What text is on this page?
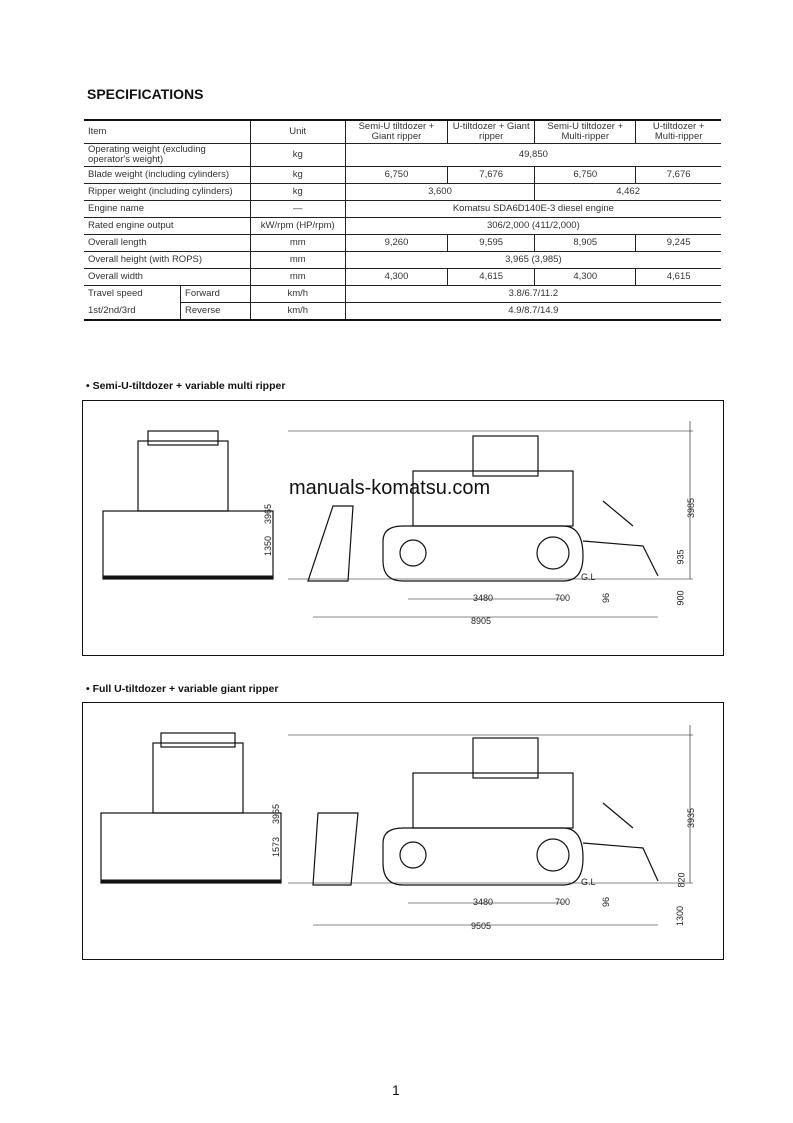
SPECIFICATIONS
Item		Unit	Semi-U tiltdozer + Giant ripper	U-tiltdozer + Giant ripper	Semi-U tiltdozer + Multi-ripper	U-tiltdozer + Multi-ripper
Operating weight (excluding operator's weight)		kg	49,850			
Blade weight (including cylinders)		kg	6,750	7,676	6,750	7,676
Ripper weight (including cylinders)		kg	3,600		4,462	
Engine name		—	Komatsu SDA6D140E-3 diesel engine			
Rated engine output		kW/rpm (HP/rpm)	306/2,000 (411/2,000)			
Overall length		mm	9,260	9,595	8,905	9,245
Overall height (with ROPS)		mm	3,965 (3,985)			
Overall width		mm	4,300	4,615	4,300	4,615
Travel speed	Forward	km/h	3.8/6.7/11.2			
1st/2nd/3rd	Reverse	km/h	4.9/8.7/14.9			
• Semi-U-tiltdozer + variable multi ripper
manuals-komatsu.com
3965
1350
3985
935
G.L
3480	700	96	900
8905
• Full U-tiltdozer + variable giant ripper
3965
1573
3935
820
G.L
3480	700	96
1300
9505
1
